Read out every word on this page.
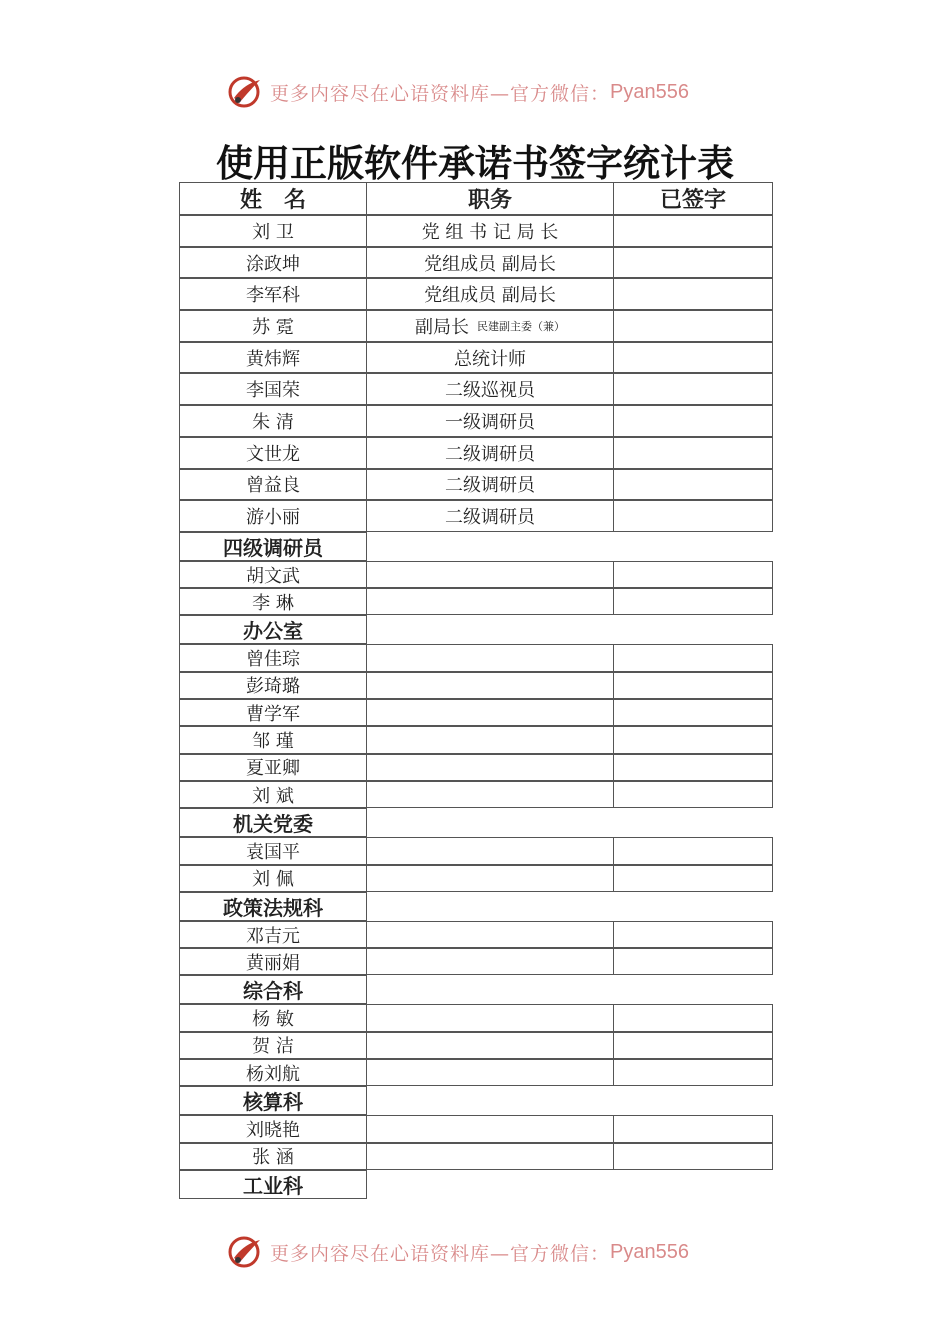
更多内容尽在心语资料库—官方微信： Pyan556
使用正版软件承诺书签字统计表
姓　名	职务	已签字
刘 卫	党 组 书 记 局 长
涂政坤	党组成员 副局长
李军科	党组成员 副局长
苏 霓	副局长 民建副主委（兼）
黄炜辉	总统计师
李国荣	二级巡视员
朱 清	一级调研员
文世龙	二级调研员
曾益良	二级调研员
游小丽	二级调研员
四级调研员
胡文武
李 琳
办公室
曾佳琮
彭琦璐
曹学军
邹 瑾
夏亚卿
刘 斌
机关党委
袁国平
刘 佩
政策法规科
邓吉元
黄丽娟
综合科
杨 敏
贺 洁
杨刘航
核算科
刘晓艳
张 涵
工业科
更多内容尽在心语资料库—官方微信： Pyan556
